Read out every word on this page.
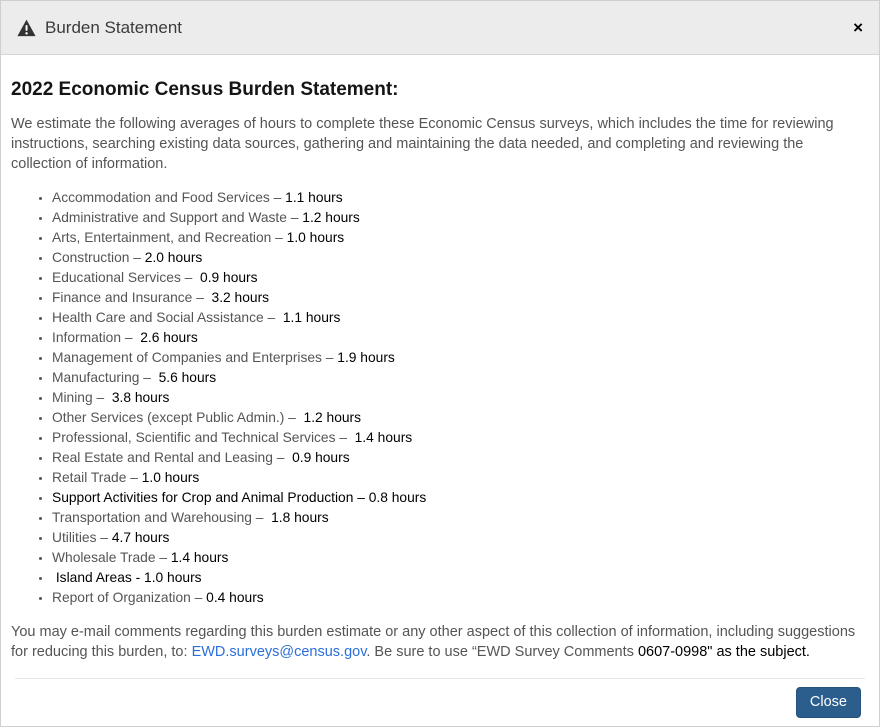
Burden Statement	×
2022 Economic Census Burden Statement:

We estimate the following averages of hours to complete these Economic Census surveys, which includes the time for reviewing instructions, searching existing data sources, gathering and maintaining the data needed, and completing and reviewing the collection of information.

• Accommodation and Food Services – 1.1 hours
• Administrative and Support and Waste – 1.2 hours
• Arts, Entertainment, and Recreation – 1.0 hours
• Construction – 2.0 hours
• Educational Services –  0.9 hours
• Finance and Insurance –  3.2 hours
• Health Care and Social Assistance –  1.1 hours
• Information –  2.6 hours
• Management of Companies and Enterprises – 1.9 hours
• Manufacturing –  5.6 hours
• Mining –  3.8 hours
• Other Services (except Public Admin.) –  1.2 hours
• Professional, Scientific and Technical Services –  1.4 hours
• Real Estate and Rental and Leasing –  0.9 hours
• Retail Trade – 1.0 hours
• Support Activities for Crop and Animal Production – 0.8 hours
• Transportation and Warehousing –  1.8 hours
• Utilities – 4.7 hours
• Wholesale Trade – 1.4 hours
•  Island Areas - 1.0 hours
• Report of Organization – 0.4 hours

You may e-mail comments regarding this burden estimate or any other aspect of this collection of information, including suggestions for reducing this burden, to: EWD.surveys@census.gov. Be sure to use “EWD Survey Comments 0607-0998" as the subject.

Close
